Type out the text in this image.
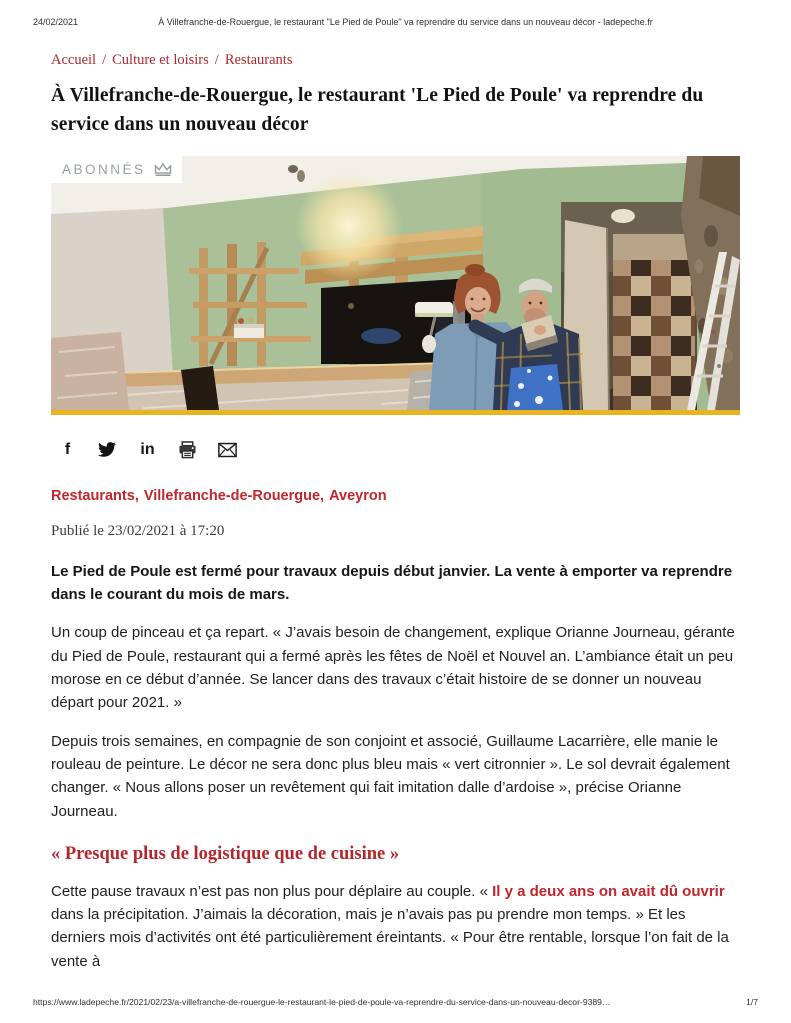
24/02/2021	À Villefranche-de-Rouergue, le restaurant "Le Pied de Poule" va reprendre du service dans un nouveau décor - ladepeche.fr
Accueil / Culture et loisirs / Restaurants
À Villefranche-de-Rouergue, le restaurant 'Le Pied de Poule' va reprendre du service dans un nouveau décor
ABONNÉS
f	in
Restaurants, Villefranche-de-Rouergue, Aveyron
Publié le 23/02/2021 à 17:20

Le Pied de Poule est fermé pour travaux depuis début janvier. La vente à emporter va reprendre dans le courant du mois de mars.

Un coup de pinceau et ça repart. « J’avais besoin de changement, explique Orianne Journeau, gérante du Pied de Poule, restaurant qui a fermé après les fêtes de Noël et Nouvel an. L’ambiance était un peu morose en ce début d’année. Se lancer dans des travaux c’était histoire de se donner un nouveau départ pour 2021. »

Depuis trois semaines, en compagnie de son conjoint et associé, Guillaume Lacarrière, elle manie le rouleau de peinture. Le décor ne sera donc plus bleu mais « vert citronnier ». Le sol devrait également changer. « Nous allons poser un revêtement qui fait imitation dalle d’ardoise », précise Orianne Journeau.

« Presque plus de logistique que de cuisine »

Cette pause travaux n’est pas non plus pour déplaire au couple. « Il y a deux ans on avait dû ouvrir dans la précipitation. J’aimais la décoration, mais je n’avais pas pu prendre mon temps. » Et les derniers mois d’activités ont été particulièrement éreintants. « Pour être rentable, lorsque l’on fait de la vente à

https://www.ladepeche.fr/2021/02/23/a-villefranche-de-rouergue-le-restaurant-le-pied-de-poule-va-reprendre-du-service-dans-un-nouveau-decor-9389…	1/7
